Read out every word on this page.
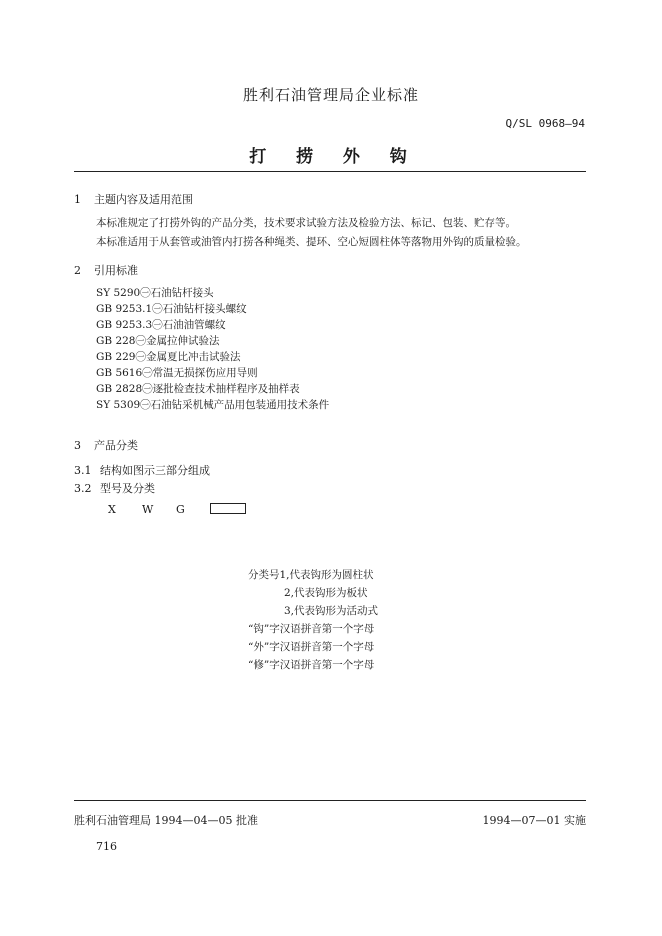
胜利石油管理局企业标准
Q/SL 0968—94
打  捞  外  钩
1 主题内容及适用范围
本标准规定了打捞外钩的产品分类，技术要求试验方法及检验方法、标记、包装、贮存等。
本标准适用于从套管或油管内打捞各种绳类、提环、空心短圆柱体等落物用外钩的质量检验。
2 引用标准
SY 5290㊀石油钻杆接头
GB 9253.1㊀石油钻杆接头螺纹
GB 9253.3㊀石油油管螺纹
GB 228㊀金属拉伸试验法
GB 229㊀金属夏比冲击试验法
GB 5616㊀常温无损探伤应用导则
GB 2828㊀逐批检查技术抽样程序及抽样表
SY 5309㊀石油钻采机械产品用包装通用技术条件
3 产品分类
3.1 结构如图示三部分组成
3.2 型号及分类
X W G
分类号1,代表钩形为圆柱状
2,代表钩形为板状
3,代表钩形为活动式
“钩”字汉语拼音第一个字母
“外”字汉语拼音第一个字母
“修”字汉语拼音第一个字母
胜利石油管理局 1994—04—05 批准	1994—07—01 实施
716
